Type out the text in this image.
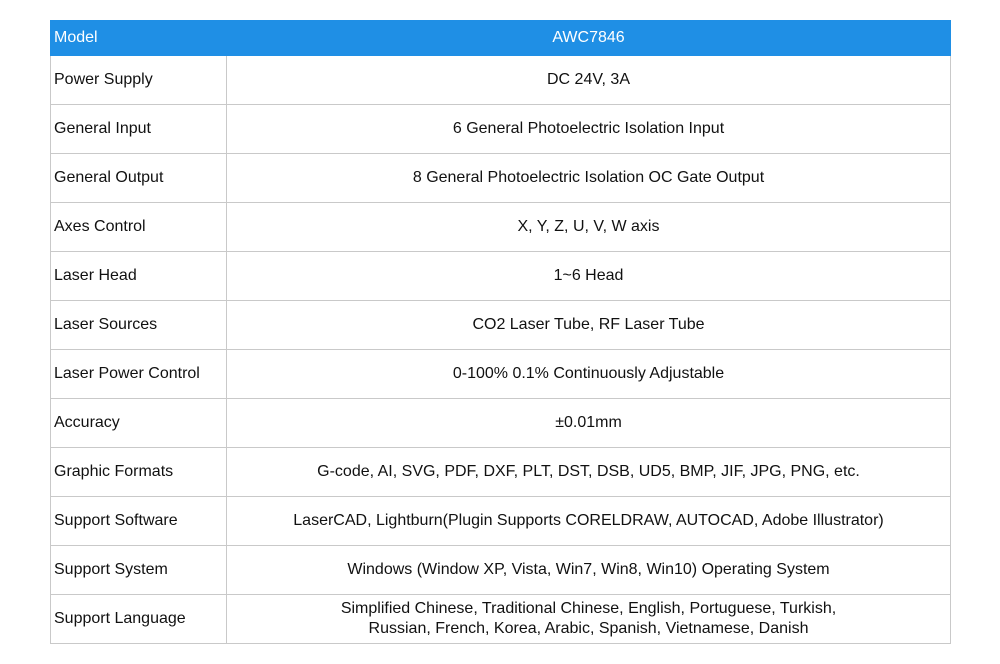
Model	AWC7846
Power Supply	DC 24V, 3A
General Input	6 General Photoelectric Isolation Input
General Output	8 General Photoelectric Isolation OC Gate Output
Axes Control	X, Y, Z, U, V, W axis
Laser Head	1~6 Head
Laser Sources	CO2 Laser Tube, RF Laser Tube
Laser Power Control	0-100% 0.1% Continuously Adjustable
Accuracy	±0.01mm
Graphic Formats	G-code, AI, SVG, PDF, DXF, PLT, DST, DSB, UD5, BMP, JIF, JPG, PNG, etc.
Support Software	LaserCAD, Lightburn(Plugin Supports CORELDRAW, AUTOCAD, Adobe Illustrator)
Support System	Windows (Window XP, Vista, Win7, Win8, Win10) Operating System
Support Language	Simplified Chinese, Traditional Chinese, English, Portuguese, Turkish,
Russian, French, Korea, Arabic, Spanish, Vietnamese, Danish
